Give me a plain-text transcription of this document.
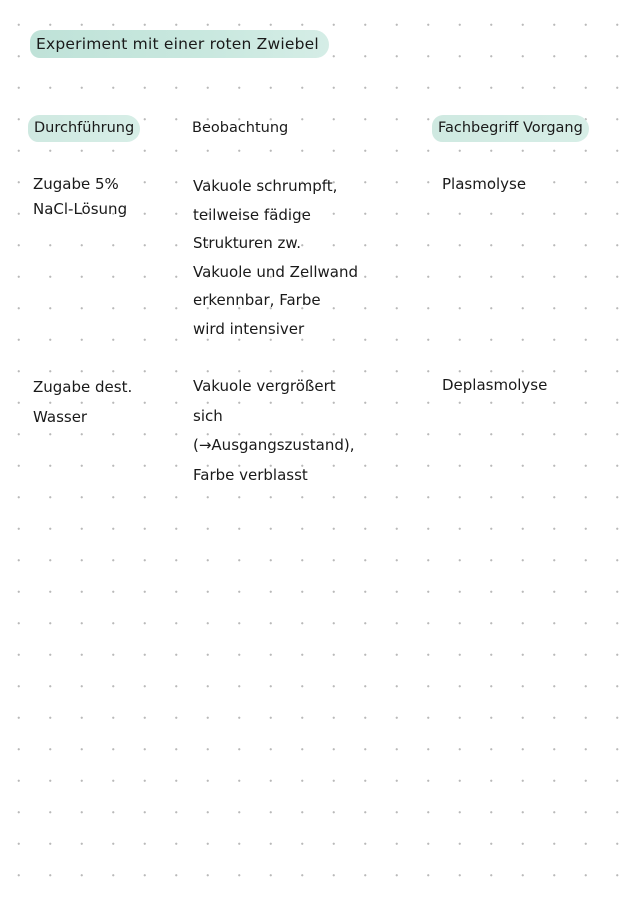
Experiment mit einer roten Zwiebel
Durchführung	Beobachtung	Fachbegriff Vorgang
Zugabe 5%
NaCl-Lösung
Vakuole schrumpft,
teilweise fädige
Strukturen zw.
Vakuole und Zellwand
erkennbar, Farbe
wird intensiver
Plasmolyse
Zugabe dest.
Wasser
Vakuole vergrößert
sich
(→Ausgangszustand),
Farbe verblasst
Deplasmolyse
